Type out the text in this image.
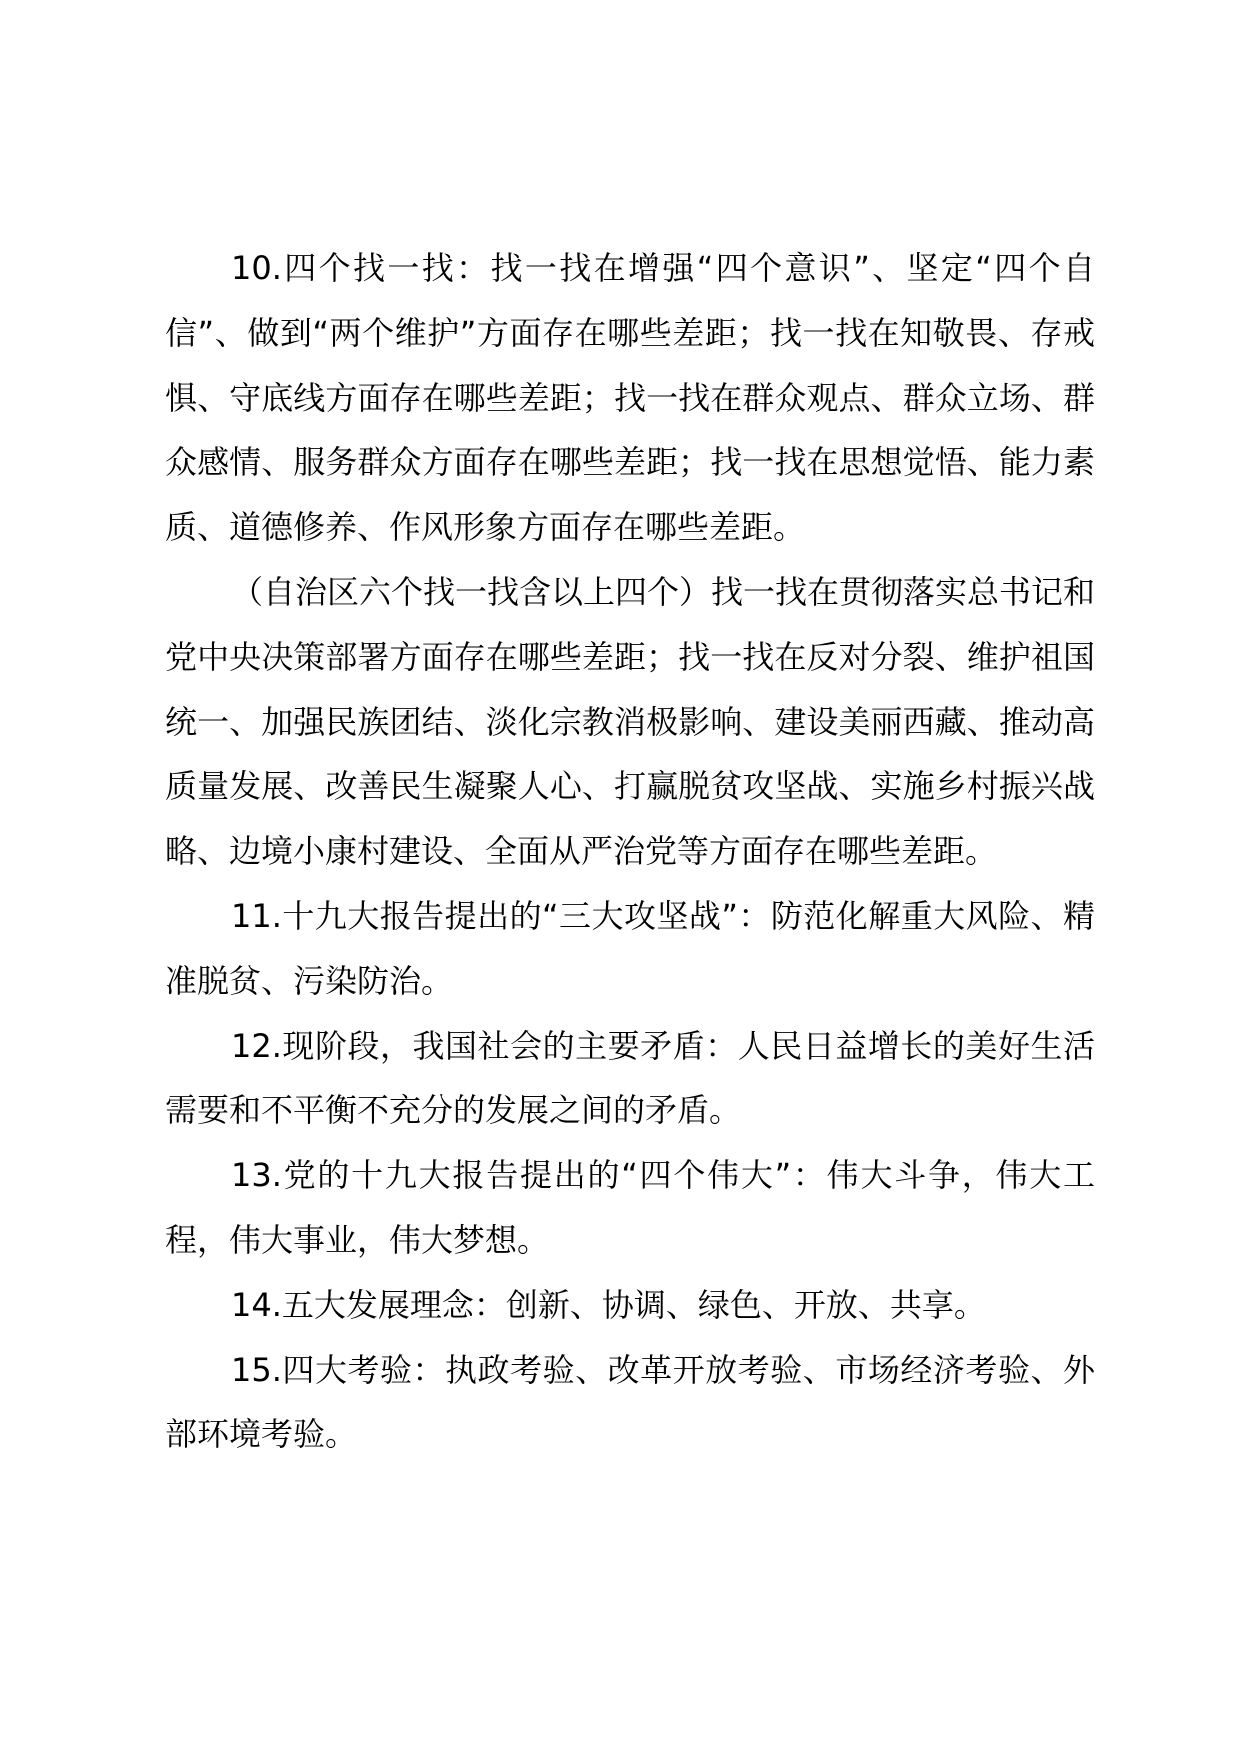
10.四个找一找：找一找在增强“四个意识”、坚定“四个自信”、做到“两个维护”方面存在哪些差距；找一找在知敬畏、存戒惧、守底线方面存在哪些差距；找一找在群众观点、群众立场、群众感情、服务群众方面存在哪些差距；找一找在思想觉悟、能力素质、道德修养、作风形象方面存在哪些差距。

（自治区六个找一找含以上四个）找一找在贯彻落实总书记和党中央决策部署方面存在哪些差距；找一找在反对分裂、维护祖国统一、加强民族团结、淡化宗教消极影响、建设美丽西藏、推动高质量发展、改善民生凝聚人心、打赢脱贫攻坚战、实施乡村振兴战略、边境小康村建设、全面从严治党等方面存在哪些差距。

11.十九大报告提出的“三大攻坚战”：防范化解重大风险、精准脱贫、污染防治。

12.现阶段，我国社会的主要矛盾：人民日益增长的美好生活需要和不平衡不充分的发展之间的矛盾。

13.党的十九大报告提出的“四个伟大”：伟大斗争，伟大工程，伟大事业，伟大梦想。

14.五大发展理念：创新、协调、绿色、开放、共享。

15.四大考验：执政考验、改革开放考验、市场经济考验、外部环境考验。
